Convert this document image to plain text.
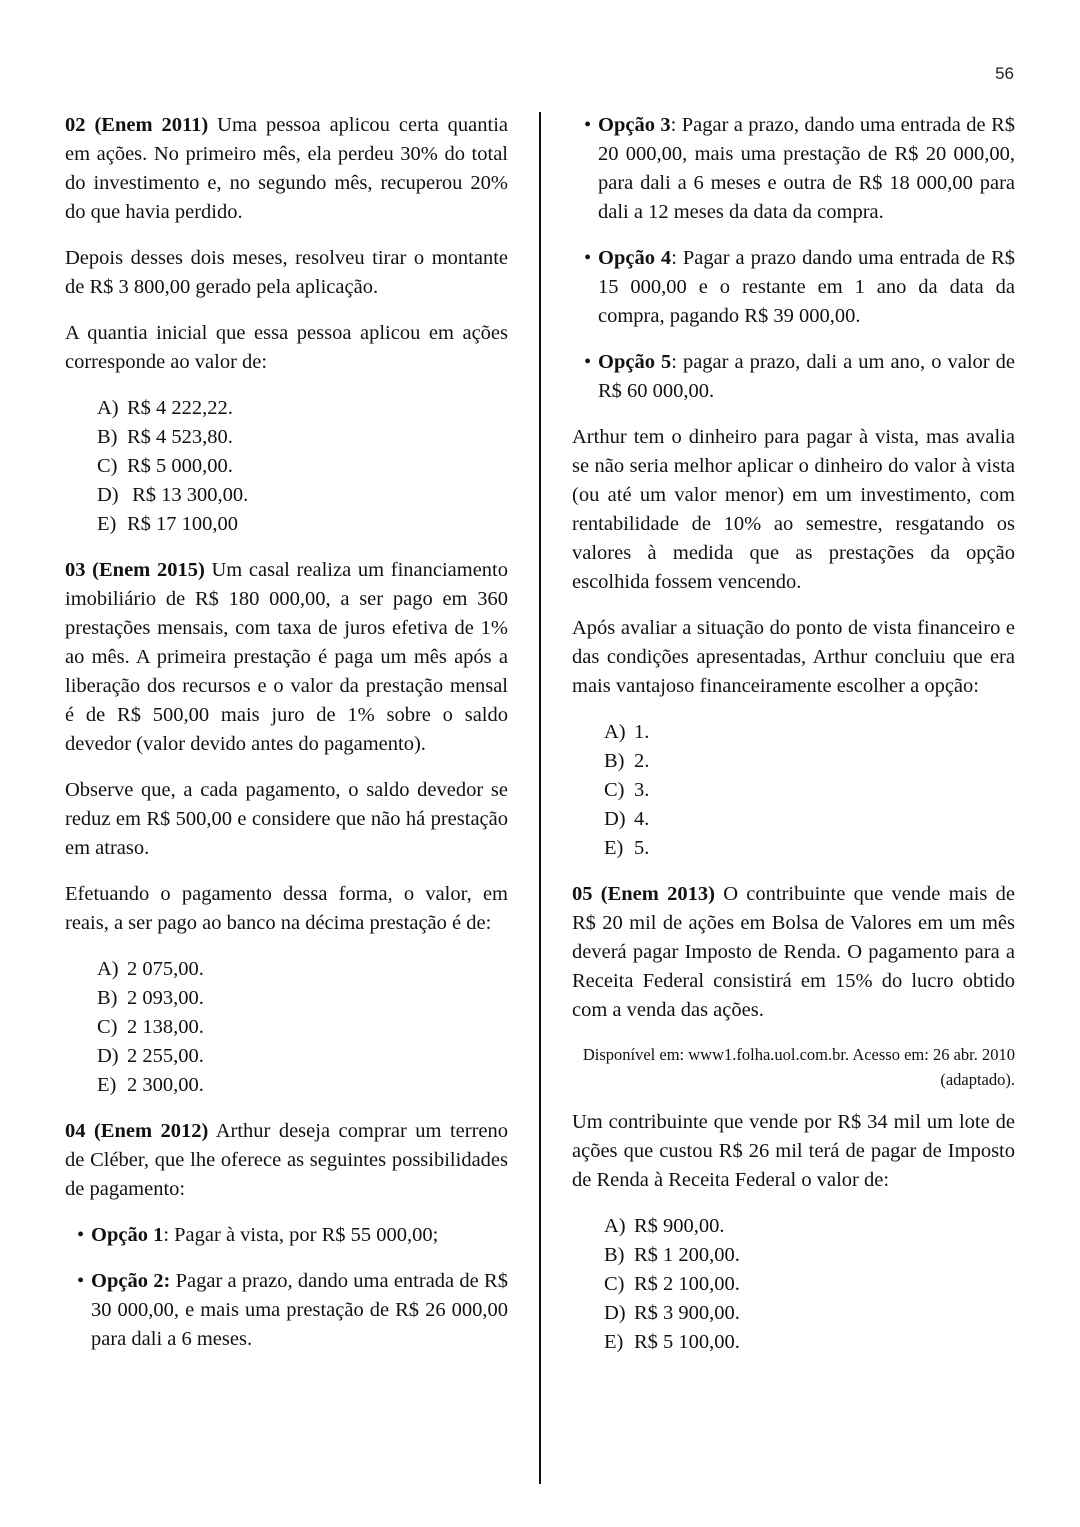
56

02 (Enem 2011) Uma pessoa aplicou certa quantia em ações. No primeiro mês, ela perdeu 30% do total do investimento e, no segundo mês, recuperou 20% do que havia perdido.

Depois desses dois meses, resolveu tirar o montante de R$ 3 800,00 gerado pela aplicação.

A quantia inicial que essa pessoa aplicou em ações corresponde ao valor de:

A) R$ 4 222,22.
B) R$ 4 523,80.
C) R$ 5 000,00.
D) R$ 13 300,00.
E) R$ 17 100,00

03 (Enem 2015) Um casal realiza um financiamento imobiliário de R$ 180 000,00, a ser pago em 360 prestações mensais, com taxa de juros efetiva de 1% ao mês. A primeira prestação é paga um mês após a liberação dos recursos e o valor da prestação mensal é de R$ 500,00 mais juro de 1% sobre o saldo devedor (valor devido antes do pagamento).

Observe que, a cada pagamento, o saldo devedor se reduz em R$ 500,00 e considere que não há prestação em atraso.

Efetuando o pagamento dessa forma, o valor, em reais, a ser pago ao banco na décima prestação é de:

A) 2 075,00.
B) 2 093,00.
C) 2 138,00.
D) 2 255,00.
E) 2 300,00.

04 (Enem 2012) Arthur deseja comprar um terreno de Cléber, que lhe oferece as seguintes possibilidades de pagamento:

• Opção 1: Pagar à vista, por R$ 55 000,00;
• Opção 2: Pagar a prazo, dando uma entrada de R$ 30 000,00, e mais uma prestação de R$ 26 000,00 para dali a 6 meses.
• Opção 3: Pagar a prazo, dando uma entrada de R$ 20 000,00, mais uma prestação de R$ 20 000,00, para dali a 6 meses e outra de R$ 18 000,00 para dali a 12 meses da data da compra.
• Opção 4: Pagar a prazo dando uma entrada de R$ 15 000,00 e o restante em 1 ano da data da compra, pagando R$ 39 000,00.
• Opção 5: pagar a prazo, dali a um ano, o valor de R$ 60 000,00.

Arthur tem o dinheiro para pagar à vista, mas avalia se não seria melhor aplicar o dinheiro do valor à vista (ou até um valor menor) em um investimento, com rentabilidade de 10% ao semestre, resgatando os valores à medida que as prestações da opção escolhida fossem vencendo.

Após avaliar a situação do ponto de vista financeiro e das condições apresentadas, Arthur concluiu que era mais vantajoso financeiramente escolher a opção:

A) 1.
B) 2.
C) 3.
D) 4.
E) 5.

05 (Enem 2013) O contribuinte que vende mais de R$ 20 mil de ações em Bolsa de Valores em um mês deverá pagar Imposto de Renda. O pagamento para a Receita Federal consistirá em 15% do lucro obtido com a venda das ações.

Disponível em: www1.folha.uol.com.br. Acesso em: 26 abr. 2010 (adaptado).

Um contribuinte que vende por R$ 34 mil um lote de ações que custou R$ 26 mil terá de pagar de Imposto de Renda à Receita Federal o valor de:

A) R$ 900,00.
B) R$ 1 200,00.
C) R$ 2 100,00.
D) R$ 3 900,00.
E) R$ 5 100,00.
